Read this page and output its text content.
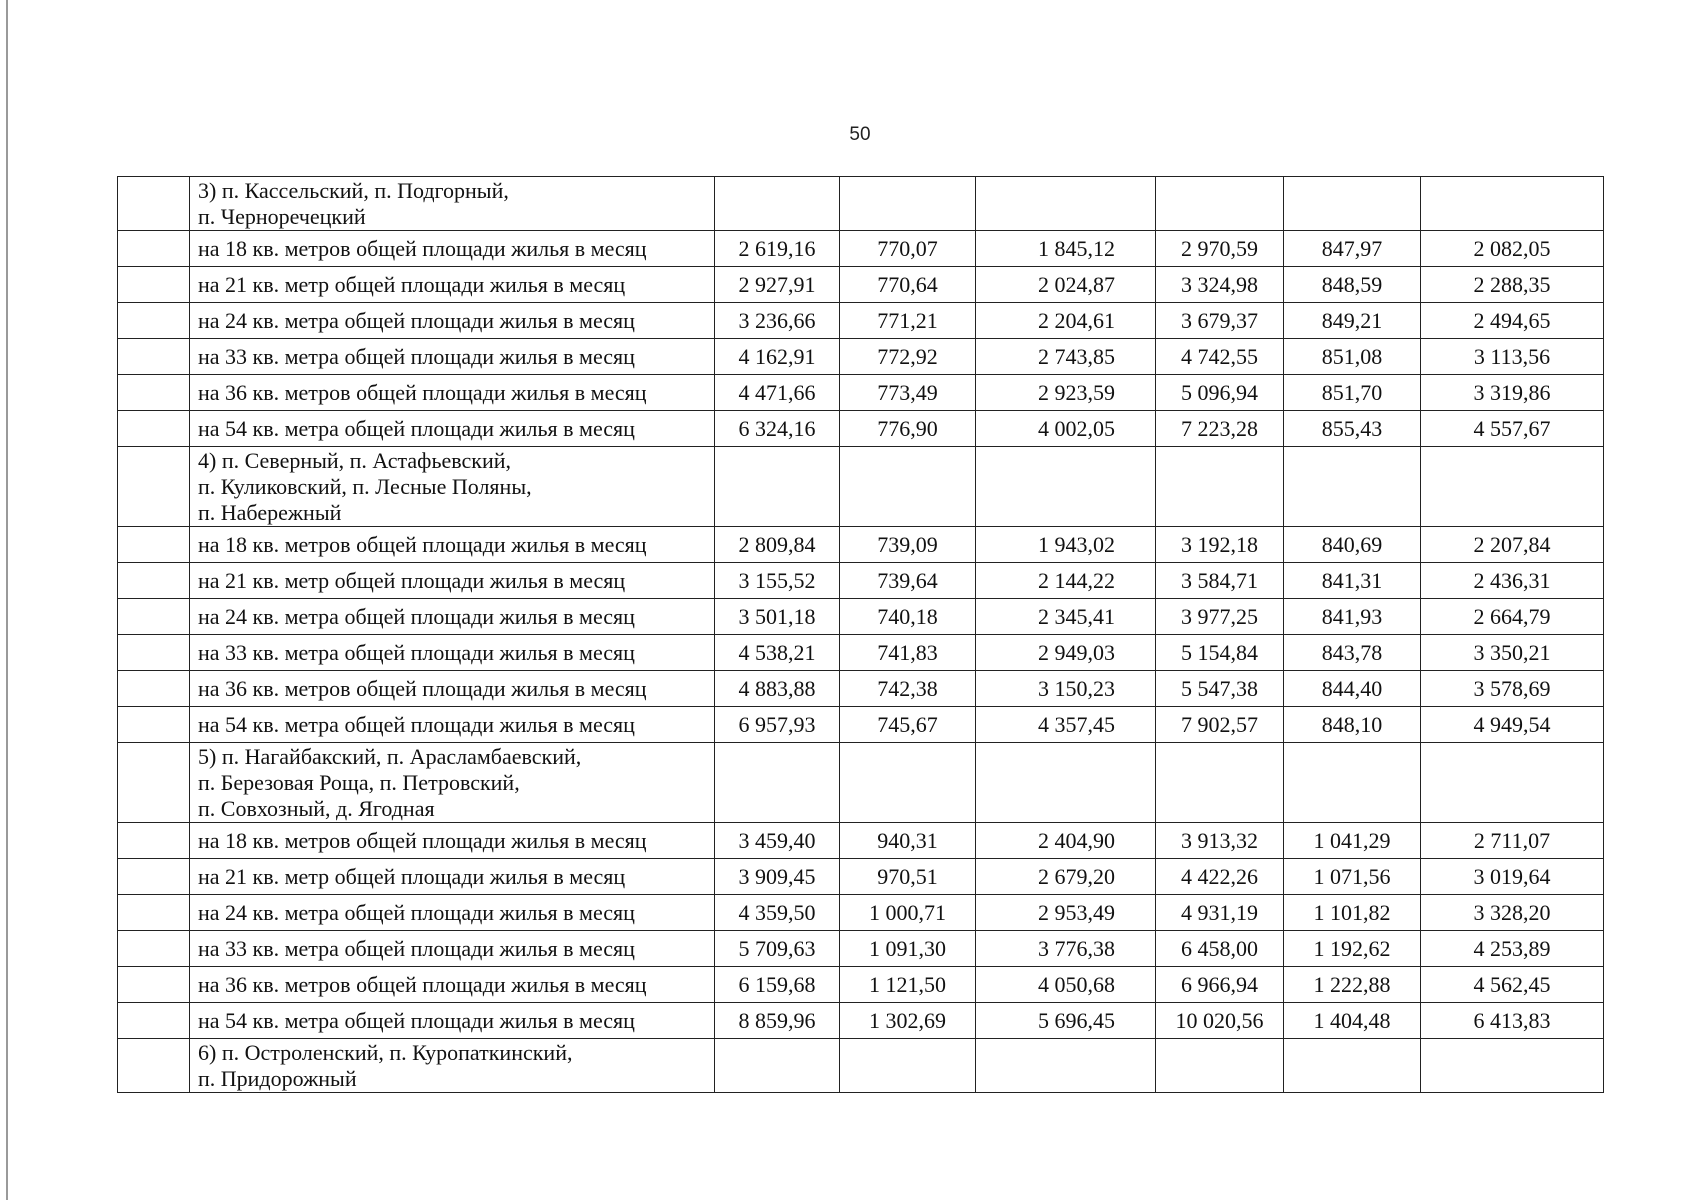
50
	3) п. Кассельский, п. Подгорный,
п. Черноречецкий						
	на 18 кв. метров общей площади жилья в месяц	2 619,16	770,07	1 845,12	2 970,59	847,97	2 082,05
	на 21 кв. метр общей площади жилья в месяц	2 927,91	770,64	2 024,87	3 324,98	848,59	2 288,35
	на 24 кв. метра общей площади жилья в месяц	3 236,66	771,21	2 204,61	3 679,37	849,21	2 494,65
	на 33 кв. метра общей площади жилья в месяц	4 162,91	772,92	2 743,85	4 742,55	851,08	3 113,56
	на 36 кв. метров общей площади жилья в месяц	4 471,66	773,49	2 923,59	5 096,94	851,70	3 319,86
	на 54 кв. метра общей площади жилья в месяц	6 324,16	776,90	4 002,05	7 223,28	855,43	4 557,67
	4) п. Северный, п. Астафьевский,
п. Куликовский, п. Лесные Поляны,
п. Набережный						
	на 18 кв. метров общей площади жилья в месяц	2 809,84	739,09	1 943,02	3 192,18	840,69	2 207,84
	на 21 кв. метр общей площади жилья в месяц	3 155,52	739,64	2 144,22	3 584,71	841,31	2 436,31
	на 24 кв. метра общей площади жилья в месяц	3 501,18	740,18	2 345,41	3 977,25	841,93	2 664,79
	на 33 кв. метра общей площади жилья в месяц	4 538,21	741,83	2 949,03	5 154,84	843,78	3 350,21
	на 36 кв. метров общей площади жилья в месяц	4 883,88	742,38	3 150,23	5 547,38	844,40	3 578,69
	на 54 кв. метра общей площади жилья в месяц	6 957,93	745,67	4 357,45	7 902,57	848,10	4 949,54
	5) п. Нагайбакский, п. Арасламбаевский,
п. Березовая Роща, п. Петровский,
п. Совхозный, д. Ягодная						
	на 18 кв. метров общей площади жилья в месяц	3 459,40	940,31	2 404,90	3 913,32	1 041,29	2 711,07
	на 21 кв. метр общей площади жилья в месяц	3 909,45	970,51	2 679,20	4 422,26	1 071,56	3 019,64
	на 24 кв. метра общей площади жилья в месяц	4 359,50	1 000,71	2 953,49	4 931,19	1 101,82	3 328,20
	на 33 кв. метра общей площади жилья в месяц	5 709,63	1 091,30	3 776,38	6 458,00	1 192,62	4 253,89
	на 36 кв. метров общей площади жилья в месяц	6 159,68	1 121,50	4 050,68	6 966,94	1 222,88	4 562,45
	на 54 кв. метра общей площади жилья в месяц	8 859,96	1 302,69	5 696,45	10 020,56	1 404,48	6 413,83
	6) п. Остроленский, п. Куропаткинский,
п. Придорожный						
